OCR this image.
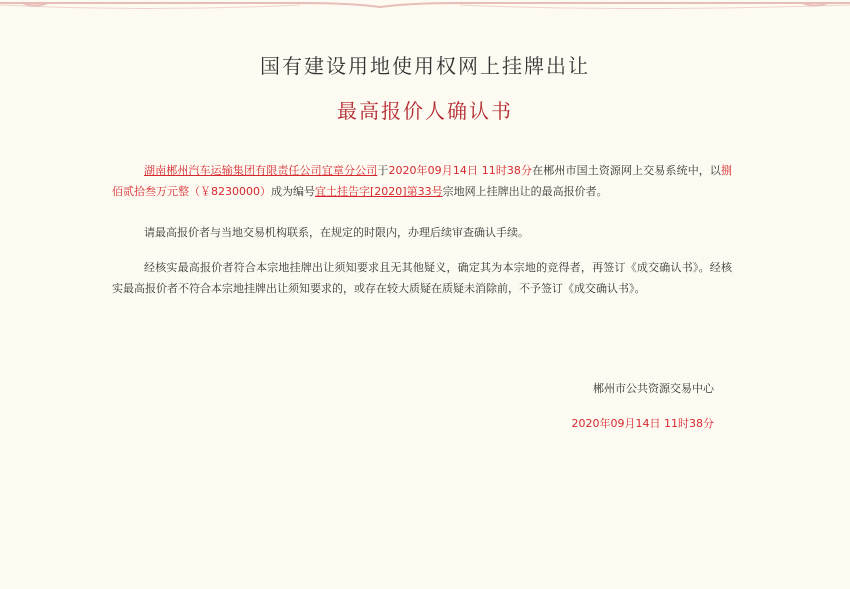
国有建设用地使用权网上挂牌出让
最高报价人确认书

湖南郴州汽车运输集团有限责任公司宜章分公司于2020年09月14日 11时38分在郴州市国土资源网上交易系统中，以捌佰贰拾叁万元整（￥8230000）成为编号宜土挂告字[2020]第33号宗地网上挂牌出让的最高报价者。

请最高报价者与当地交易机构联系，在规定的时限内，办理后续审查确认手续。

经核实最高报价者符合本宗地挂牌出让须知要求且无其他疑义，确定其为本宗地的竞得者，再签订《成交确认书》。经核实最高报价者不符合本宗地挂牌出让须知要求的，或存在较大质疑在质疑未消除前，不予签订《成交确认书》。

郴州市公共资源交易中心
2020年09月14日 11时38分
